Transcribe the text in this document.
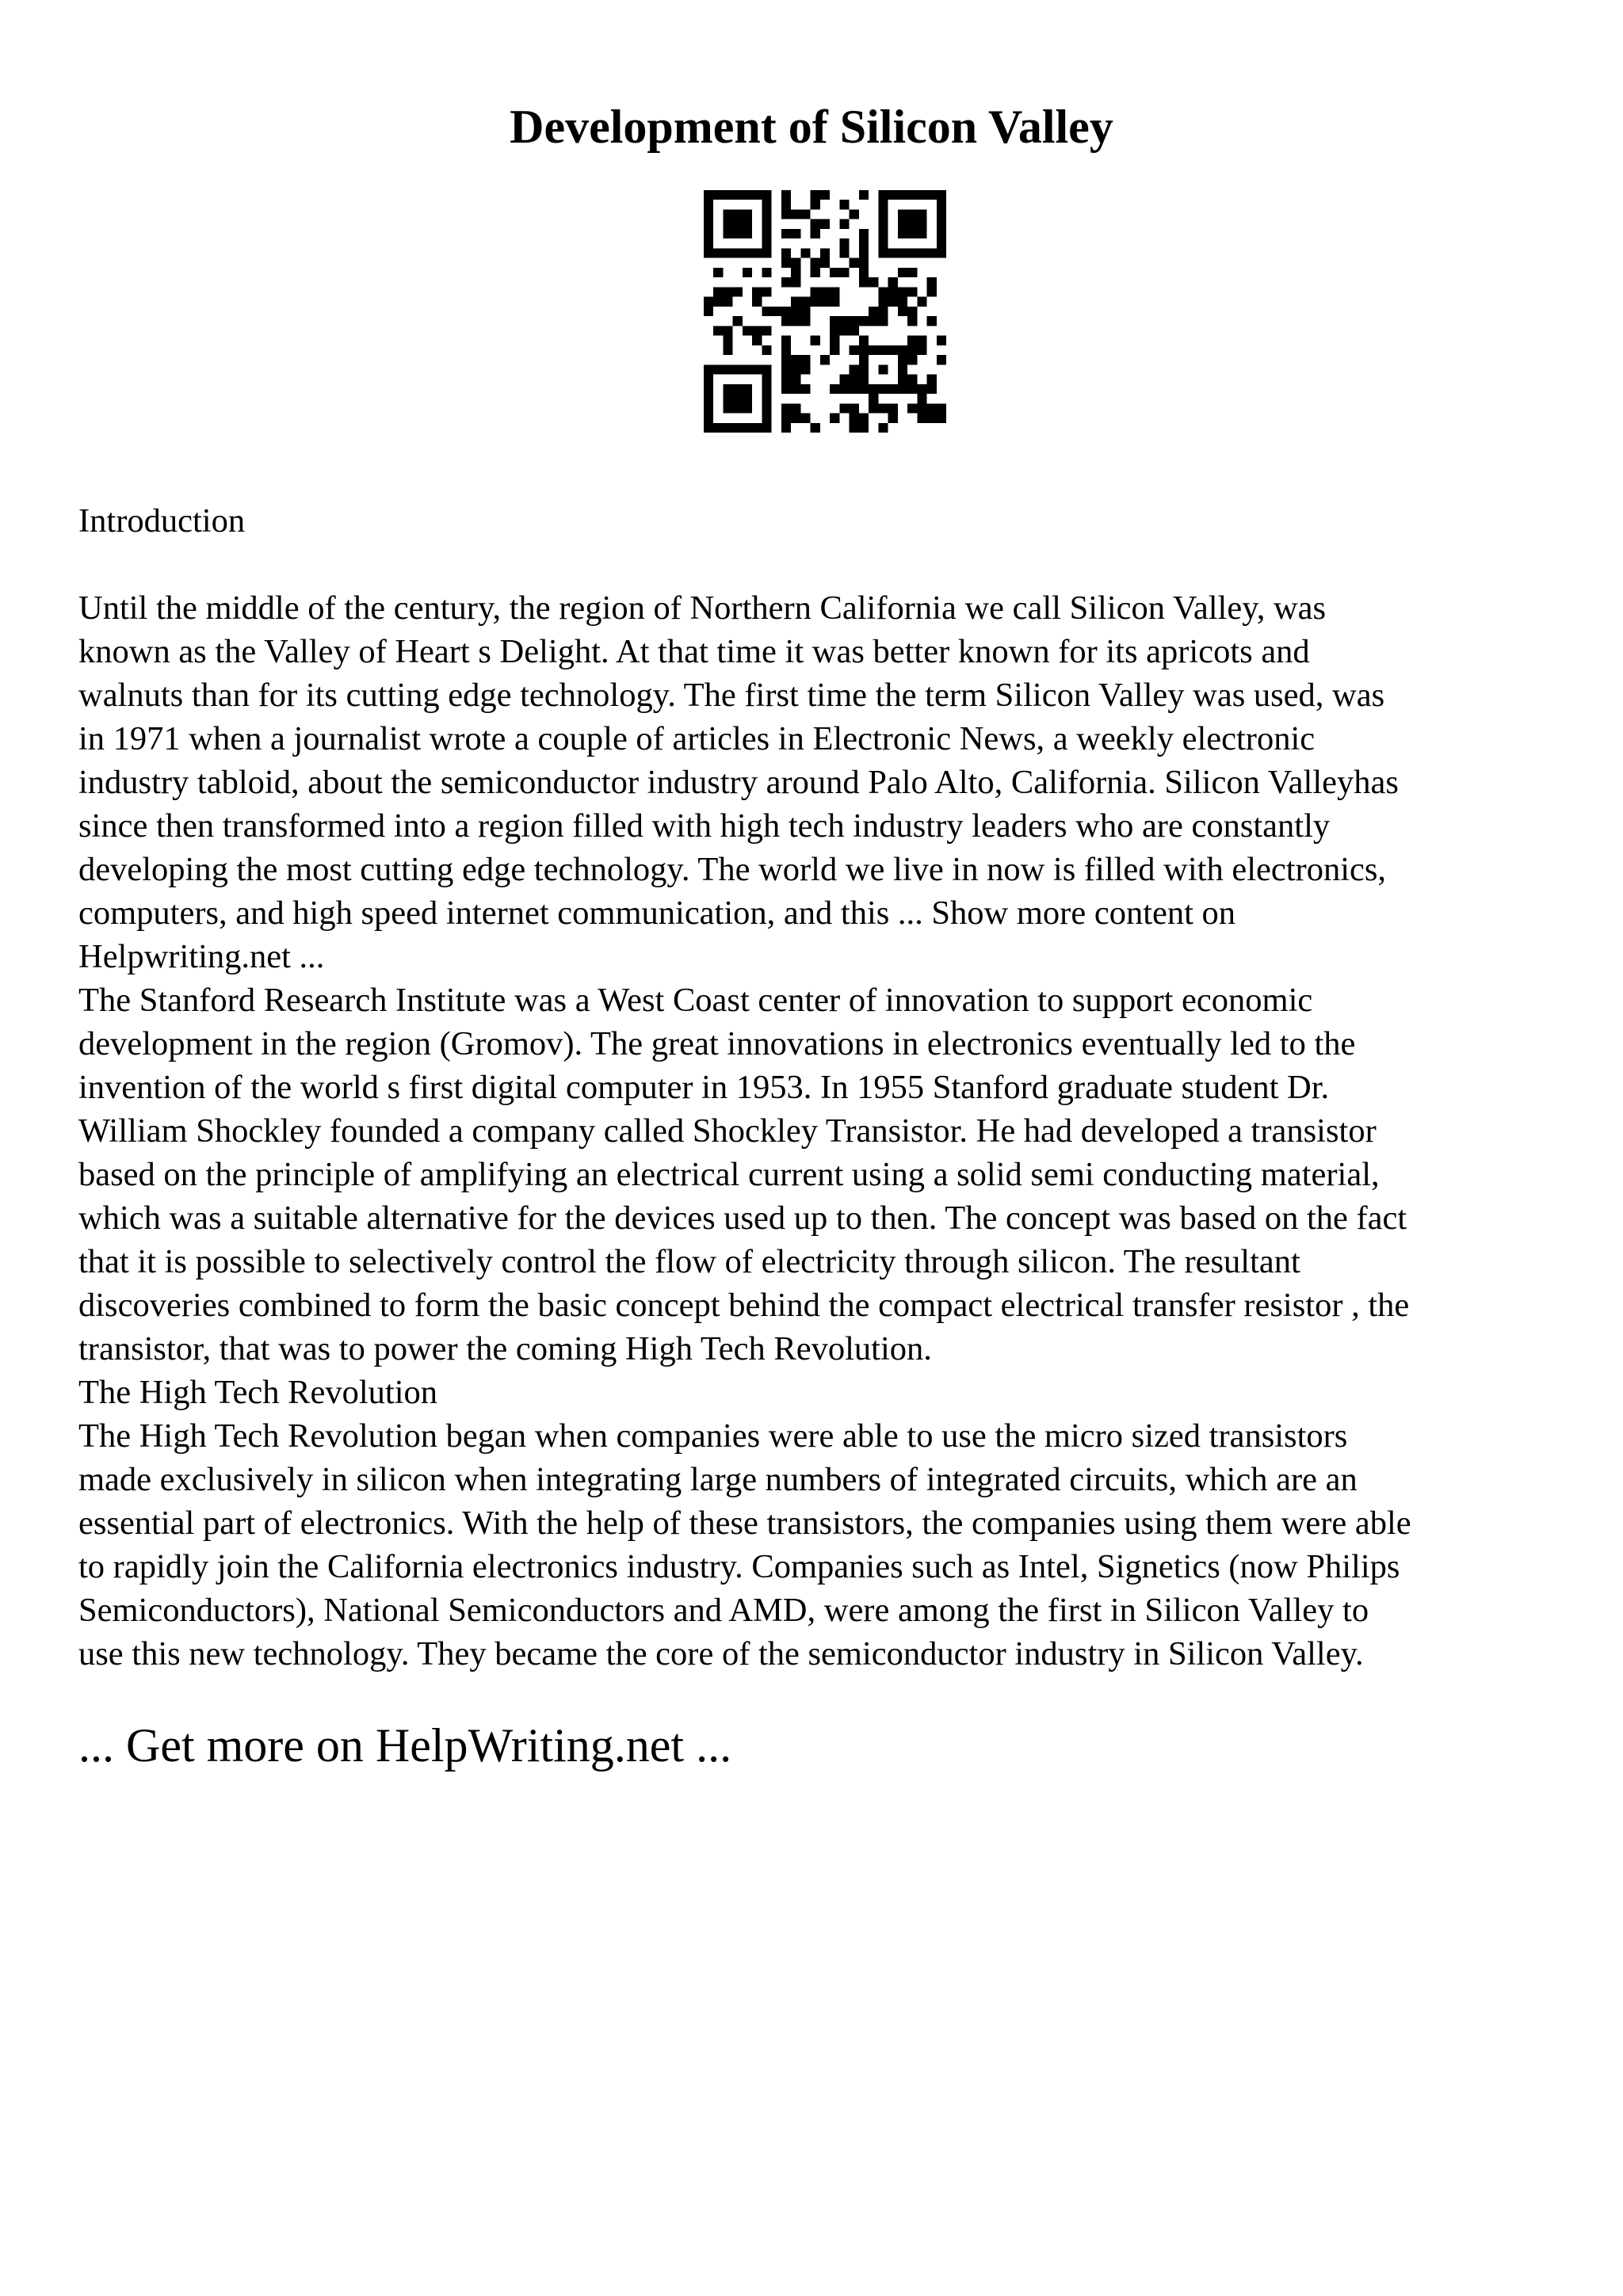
Development of Silicon Valley

Introduction

Until the middle of the century, the region of Northern California we call Silicon Valley, was

known as the Valley of Heart s Delight. At that time it was better known for its apricots and

walnuts than for its cutting edge technology. The first time the term Silicon Valley was used, was

in 1971 when a journalist wrote a couple of articles in Electronic News, a weekly electronic

industry tabloid, about the semiconductor industry around Palo Alto, California. Silicon Valleyhas

since then transformed into a region filled with high tech industry leaders who are constantly

developing the most cutting edge technology. The world we live in now is filled with electronics,

computers, and high speed internet communication, and this ... Show more content on

Helpwriting.net ...

The Stanford Research Institute was a West Coast center of innovation to support economic

development in the region (Gromov). The great innovations in electronics eventually led to the

invention of the world s first digital computer in 1953. In 1955 Stanford graduate student Dr.

William Shockley founded a company called Shockley Transistor. He had developed a transistor

based on the principle of amplifying an electrical current using a solid semi conducting material,

which was a suitable alternative for the devices used up to then. The concept was based on the fact

that it is possible to selectively control the flow of electricity through silicon. The resultant

discoveries combined to form the basic concept behind the compact electrical transfer resistor , the

transistor, that was to power the coming High Tech Revolution.

The High Tech Revolution

The High Tech Revolution began when companies were able to use the micro sized transistors

made exclusively in silicon when integrating large numbers of integrated circuits, which are an

essential part of electronics. With the help of these transistors, the companies using them were able

to rapidly join the California electronics industry. Companies such as Intel, Signetics (now Philips

Semiconductors), National Semiconductors and AMD, were among the first in Silicon Valley to

use this new technology. They became the core of the semiconductor industry in Silicon Valley.

... Get more on HelpWriting.net ...
